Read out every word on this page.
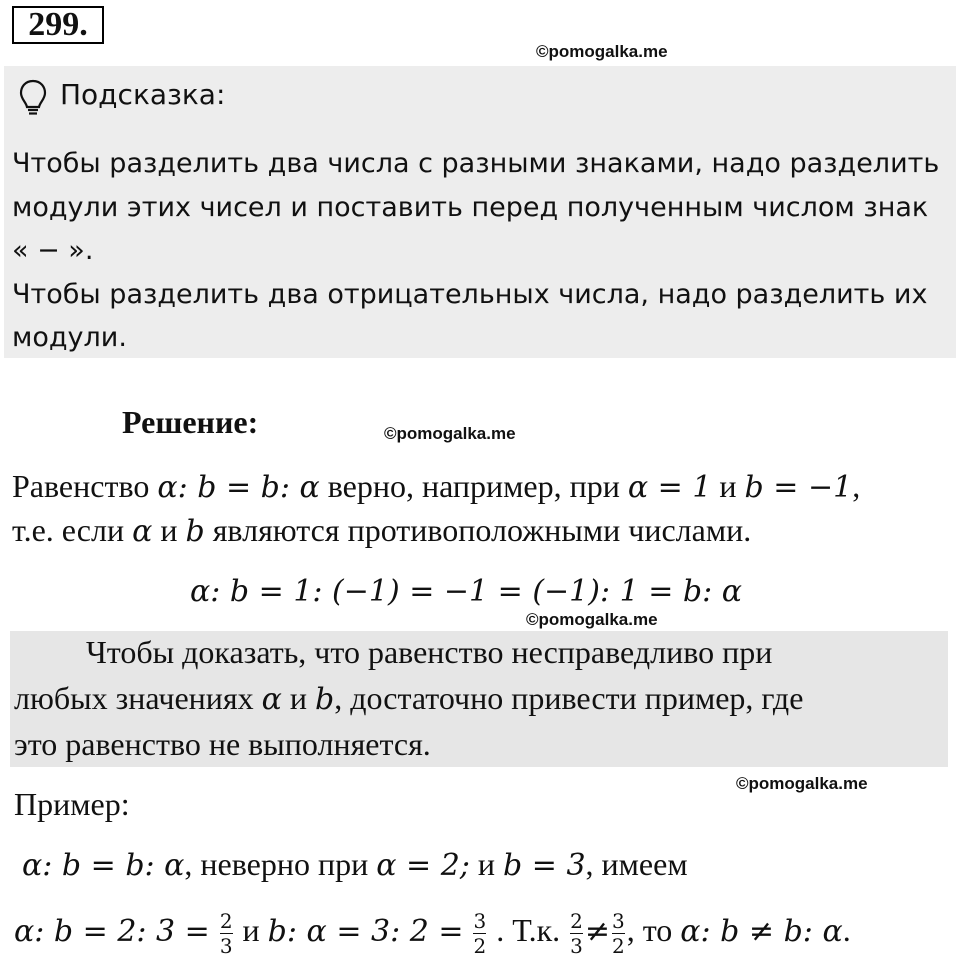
299.
©pomogalka.me
Подсказка:

Чтобы разделить два числа с разными знаками, надо разделить модули этих чисел и поставить перед полученным числом знак « − ».

Чтобы разделить два отрицательных числа, надо разделить их модули.

Решение:	©pomogalka.me
Равенство α: b = b: α верно, например, при α = 1 и b = −1,
т.е. если α и b являются противоположными числами.
α: b = 1: (−1) = −1 = (−1): 1 = b: α
©pomogalka.me
Чтобы доказать, что равенство несправедливо при
любых значениях α и b, достаточно привести пример, где
это равенство не выполняется.
©pomogalka.me
Пример:
α: b = b: α, неверно при α = 2; и b = 3, имеем
α: b = 2: $3 = \frac{2}{3}$ и b: α = 3: $2 = \frac{3}{2}$ . Т.к. $\frac{2}{3} \ne \frac{3}{2}$ , то α: b ≠ b: α.
